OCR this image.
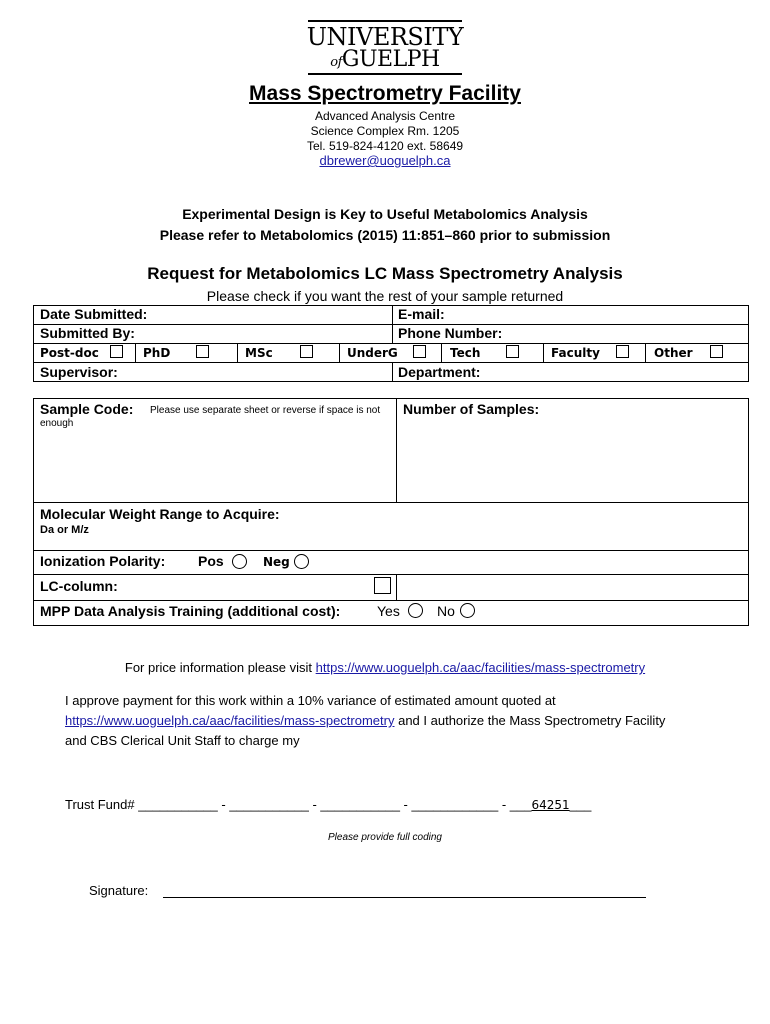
UNIVERSITY
ofGUELPH
Mass Spectrometry Facility
Advanced Analysis Centre
Science Complex Rm. 1205
Tel. 519-824-4120 ext. 58649
dbrewer@uoguelph.ca
Experimental Design is Key to Useful Metabolomics Analysis
Please refer to Metabolomics (2015) 11:851–860 prior to submission
Request for Metabolomics LC Mass Spectrometry Analysis
Please check if you want the rest of your sample returned
Date Submitted:	E-mail:
Submitted By:	Phone Number:
Post-doc	PhD	MSc	UnderG	Tech	Faculty	Other
Supervisor:	Department:
Sample Code: Please use separate sheet or reverse if space is not
enough
Number of Samples:
Molecular Weight Range to Acquire:
Da or M/z
Ionization Polarity: Pos	Neg
LC-column:
MPP Data Analysis Training (additional cost):	Yes	No
For price information please visit https://www.uoguelph.ca/aac/facilities/mass-spectrometry
I approve payment for this work within a 10% variance of estimated amount quoted at
https://www.uoguelph.ca/aac/facilities/mass-spectrometry and I authorize the Mass Spectrometry Facility
and CBS Clerical Unit Staff to charge my
Trust Fund# ___________ - ___________ - ___________ - ____________ - ___64251___
Please provide full coding
Signature:
